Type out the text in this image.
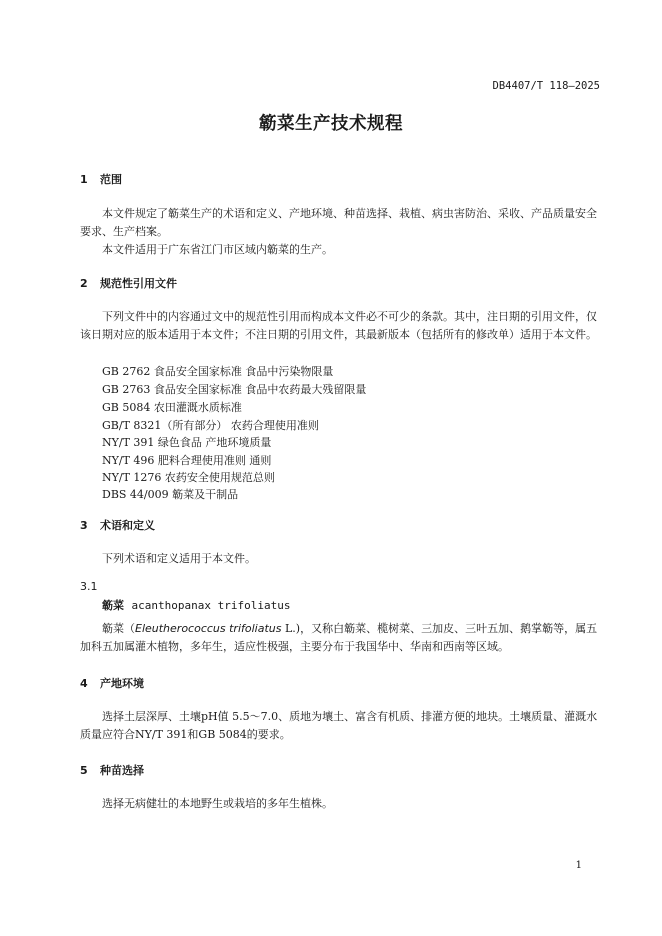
DB4407/T 118—2025
簕菜生产技术规程
1 范围
本文件规定了簕菜生产的术语和定义、产地环境、种苗选择、栽植、病虫害防治、采收、产品质量安全要求、生产档案。
本文件适用于广东省江门市区域内簕菜的生产。
2 规范性引用文件
下列文件中的内容通过文中的规范性引用而构成本文件必不可少的条款。其中，注日期的引用文件，仅该日期对应的版本适用于本文件；不注日期的引用文件，其最新版本（包括所有的修改单）适用于本文件。
GB 2762 食品安全国家标准 食品中污染物限量
GB 2763 食品安全国家标准 食品中农药最大残留限量
GB 5084 农田灌溉水质标准
GB/T 8321（所有部分） 农药合理使用准则
NY/T 391 绿色食品 产地环境质量
NY/T 496 肥料合理使用准则 通则
NY/T 1276 农药安全使用规范总则
DBS 44/009 簕菜及干制品
3 术语和定义
下列术语和定义适用于本文件。
3.1
簕菜 acanthopanax trifoliatus
簕菜（Eleutherococcus trifoliatus L.)，又称白簕菜、榄树菜、三加皮、三叶五加、鹅掌簕等，属五加科五加属灌木植物，多年生，适应性极强，主要分布于我国华中、华南和西南等区域。
4 产地环境
选择土层深厚、土壤pH值 5.5～7.0、质地为壤土、富含有机质、排灌方便的地块。土壤质量、灌溉水质量应符合NY/T 391和GB 5084的要求。
5 种苗选择
选择无病健壮的本地野生或栽培的多年生植株。
1
